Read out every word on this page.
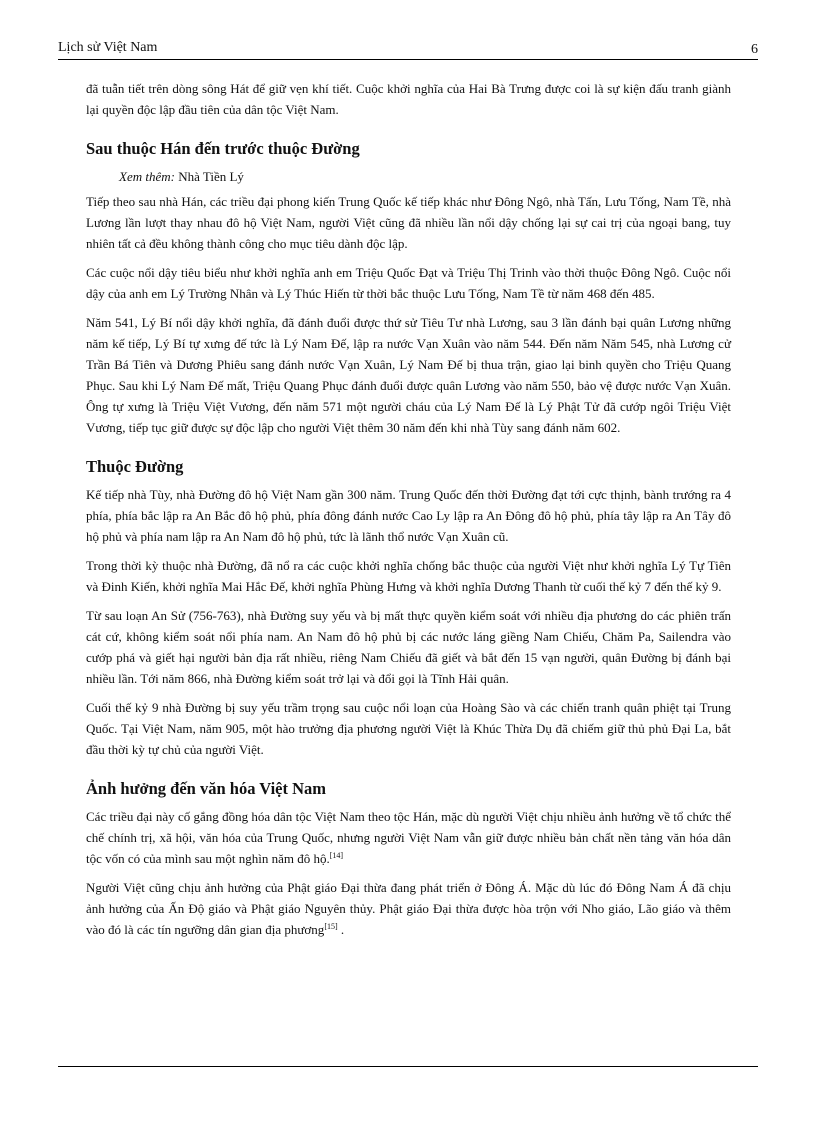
Lịch sử Việt Nam	6

đã tuẫn tiết trên dòng sông Hát để giữ vẹn khí tiết. Cuộc khởi nghĩa của Hai Bà Trưng được coi là sự kiện đấu tranh giành lại quyền độc lập đầu tiên của dân tộc Việt Nam.

Sau thuộc Hán đến trước thuộc Đường
Xem thêm: Nhà Tiền Lý

Tiếp theo sau nhà Hán, các triều đại phong kiến Trung Quốc kế tiếp khác như Đông Ngô, nhà Tấn, Lưu Tống, Nam Tề, nhà Lương lần lượt thay nhau đô hộ Việt Nam, người Việt cũng đã nhiều lần nổi dậy chống lại sự cai trị của ngoại bang, tuy nhiên tất cả đều không thành công cho mục tiêu dành độc lập.

Các cuộc nổi dậy tiêu biểu như khởi nghĩa anh em Triệu Quốc Đạt và Triệu Thị Trinh vào thời thuộc Đông Ngô. Cuộc nổi dậy của anh em Lý Trường Nhân và Lý Thúc Hiến từ thời bắc thuộc Lưu Tống, Nam Tề từ năm 468 đến 485.

Năm 541, Lý Bí nổi dậy khởi nghĩa, đã đánh đuổi được thứ sử Tiêu Tư nhà Lương, sau 3 lần đánh bại quân Lương những năm kế tiếp, Lý Bí tự xưng đế tức là Lý Nam Đế, lập ra nước Vạn Xuân vào năm 544. Đến năm Năm 545, nhà Lương cử Trần Bá Tiên và Dương Phiêu sang đánh nước Vạn Xuân, Lý Nam Đế bị thua trận, giao lại binh quyền cho Triệu Quang Phục. Sau khi Lý Nam Đế mất, Triệu Quang Phục đánh đuổi được quân Lương vào năm 550, bảo vệ được nước Vạn Xuân. Ông tự xưng là Triệu Việt Vương, đến năm 571 một người cháu của Lý Nam Đế là Lý Phật Tử đã cướp ngôi Triệu Việt Vương, tiếp tục giữ được sự độc lập cho người Việt thêm 30 năm đến khi nhà Tùy sang đánh năm 602.

Thuộc Đường

Kế tiếp nhà Tùy, nhà Đường đô hộ Việt Nam gần 300 năm. Trung Quốc đến thời Đường đạt tới cực thịnh, bành trướng ra 4 phía, phía bắc lập ra An Bắc đô hộ phủ, phía đông đánh nước Cao Ly lập ra An Đông đô hộ phủ, phía tây lập ra An Tây đô hộ phủ và phía nam lập ra An Nam đô hộ phủ, tức là lãnh thổ nước Vạn Xuân cũ.

Trong thời kỳ thuộc nhà Đường, đã nổ ra các cuộc khởi nghĩa chống bắc thuộc của người Việt như khởi nghĩa Lý Tự Tiên và Đinh Kiến, khởi nghĩa Mai Hắc Đế, khởi nghĩa Phùng Hưng và khởi nghĩa Dương Thanh từ cuối thế kỷ 7 đến thế kỷ 9.

Từ sau loạn An Sử (756-763), nhà Đường suy yếu và bị mất thực quyền kiểm soát với nhiều địa phương do các phiên trấn cát cứ, không kiểm soát nổi phía nam. An Nam đô hộ phủ bị các nước láng giềng Nam Chiếu, Chăm Pa, Sailendra vào cướp phá và giết hại người bản địa rất nhiều, riêng Nam Chiếu đã giết và bắt đến 15 vạn người, quân Đường bị đánh bại nhiều lần. Tới năm 866, nhà Đường kiểm soát trở lại và đổi gọi là Tĩnh Hải quân.

Cuối thế kỷ 9 nhà Đường bị suy yếu trầm trọng sau cuộc nổi loạn của Hoàng Sào và các chiến tranh quân phiệt tại Trung Quốc. Tại Việt Nam, năm 905, một hào trưởng địa phương người Việt là Khúc Thừa Dụ đã chiếm giữ thủ phủ Đại La, bắt đầu thời kỳ tự chủ của người Việt.

Ảnh hưởng đến văn hóa Việt Nam

Các triều đại này cố gắng đồng hóa dân tộc Việt Nam theo tộc Hán, mặc dù người Việt chịu nhiều ảnh hưởng về tổ chức thể chế chính trị, xã hội, văn hóa của Trung Quốc, nhưng người Việt Nam vẫn giữ được nhiều bản chất nền tảng văn hóa dân tộc vốn có của mình sau một nghìn năm đô hộ.[14]

Người Việt cũng chịu ảnh hưởng của Phật giáo Đại thừa đang phát triển ở Đông Á. Mặc dù lúc đó Đông Nam Á đã chịu ảnh hưởng của Ấn Độ giáo và Phật giáo Nguyên thủy. Phật giáo Đại thừa được hòa trộn với Nho giáo, Lão giáo và thêm vào đó là các tín ngưỡng dân gian địa phương[15] .
